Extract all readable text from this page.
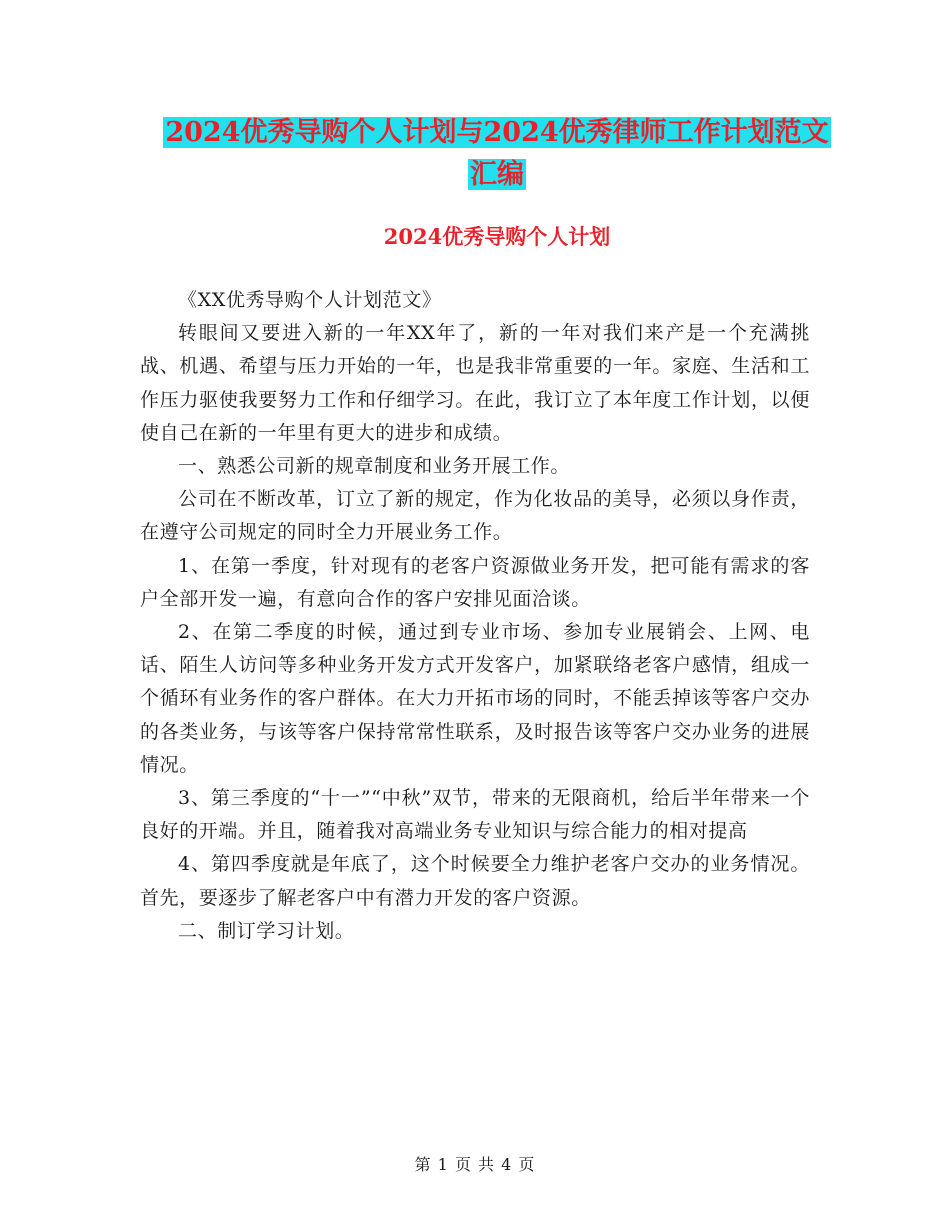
2024优秀导购个人计划与2024优秀律师工作计划范文
汇编
2024优秀导购个人计划

《XX优秀导购个人计划范文》

转眼间又要进入新的一年XX年了，新的一年对我们来产是一个充满挑战、机遇、希望与压力开始的一年，也是我非常重要的一年。家庭、生活和工作压力驱使我要努力工作和仔细学习。在此，我订立了本年度工作计划，以便使自己在新的一年里有更大的进步和成绩。

一、熟悉公司新的规章制度和业务开展工作。

公司在不断改革，订立了新的规定，作为化妆品的美导，必须以身作责，在遵守公司规定的同时全力开展业务工作。

1、在第一季度，针对现有的老客户资源做业务开发，把可能有需求的客户全部开发一遍，有意向合作的客户安排见面洽谈。

2、在第二季度的时候，通过到专业市场、参加专业展销会、上网、电话、陌生人访问等多种业务开发方式开发客户，加紧联络老客户感情，组成一个循环有业务作的客户群体。在大力开拓市场的同时，不能丢掉该等客户交办的各类业务，与该等客户保持常常性联系，及时报告该等客户交办业务的进展情况。

3、第三季度的“十一”“中秋”双节，带来的无限商机，给后半年带来一个良好的开端。并且，随着我对高端业务专业知识与综合能力的相对提高

4、第四季度就是年底了，这个时候要全力维护老客户交办的业务情况。首先，要逐步了解老客户中有潜力开发的客户资源。

二、制订学习计划。

第 1 页 共 4 页
